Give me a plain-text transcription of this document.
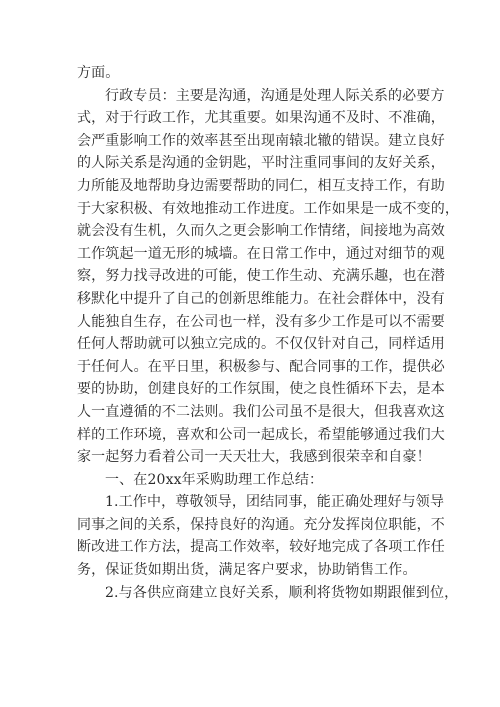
方面。
行政专员：主要是沟通，沟通是处理人际关系的必要方
式，对于行政工作，尤其重要。如果沟通不及时、不准确，
会严重影响工作的效率甚至出现南辕北辙的错误。建立良好
的人际关系是沟通的金钥匙，平时注重同事间的友好关系，
力所能及地帮助身边需要帮助的同仁，相互支持工作，有助
于大家积极、有效地推动工作进度。工作如果是一成不变的，
就会没有生机，久而久之更会影响工作情绪，间接地为高效
工作筑起一道无形的城墙。在日常工作中，通过对细节的观
察，努力找寻改进的可能，使工作生动、充满乐趣，也在潜
移默化中提升了自己的创新思维能力。在社会群体中，没有
人能独自生存，在公司也一样，没有多少工作是可以不需要
任何人帮助就可以独立完成的。不仅仅针对自己，同样适用
于任何人。在平日里，积极参与、配合同事的工作，提供必
要的协助，创建良好的工作氛围，使之良性循环下去，是本
人一直遵循的不二法则。我们公司虽不是很大，但我喜欢这
样的工作环境，喜欢和公司一起成长，希望能够通过我们大
家一起努力看着公司一天天壮大，我感到很荣幸和自豪！
一、在20xx年采购助理工作总结：
1.工作中，尊敬领导，团结同事，能正确处理好与领导
同事之间的关系，保持良好的沟通。充分发挥岗位职能，不
断改进工作方法，提高工作效率，较好地完成了各项工作任
务，保证货如期出货，满足客户要求，协助销售工作。
2.与各供应商建立良好关系，顺利将货物如期跟催到位，
